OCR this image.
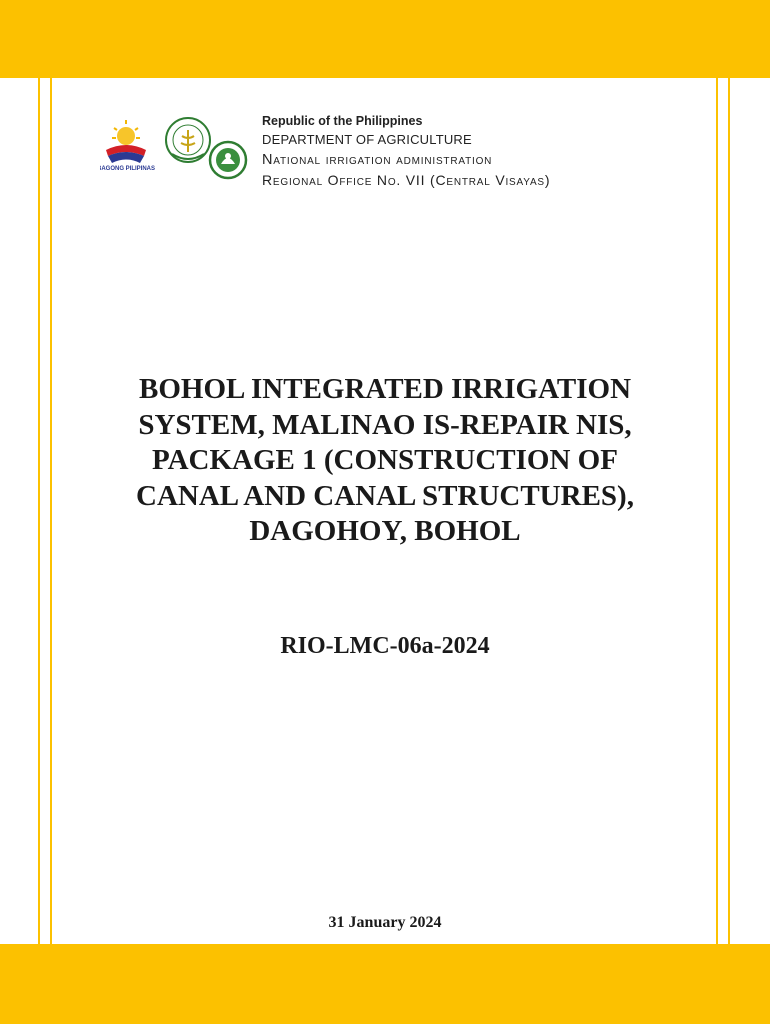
BAGONG PILIPINAS
Republic of the Philippines
DEPARTMENT OF AGRICULTURE
National irrigation administration
Regional Office No. VII (Central Visayas)
BOHOL INTEGRATED IRRIGATION
SYSTEM, MALINAO IS-REPAIR NIS,
PACKAGE 1 (CONSTRUCTION OF
CANAL AND CANAL STRUCTURES),
DAGOHOY, BOHOL
RIO-LMC-06a-2024
31 January 2024
